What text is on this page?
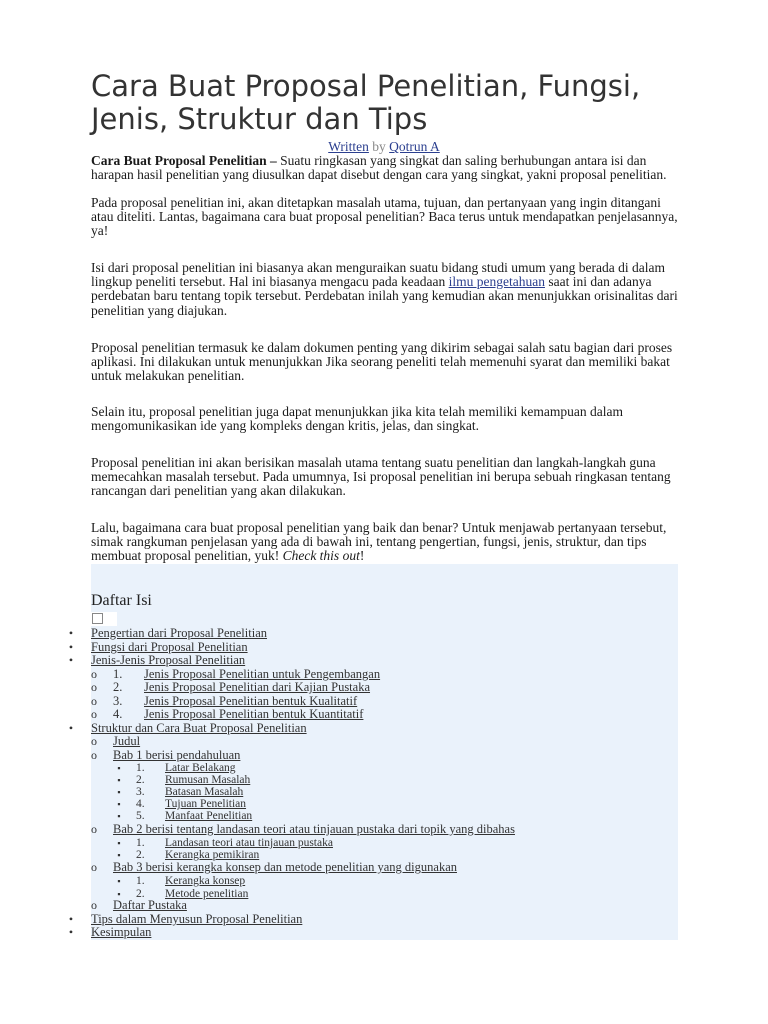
Cara Buat Proposal Penelitian, Fungsi, Jenis, Struktur dan Tips
Written by Qotrun A
Cara Buat Proposal Penelitian – Suatu ringkasan yang singkat dan saling berhubungan antara isi dan harapan hasil penelitian yang diusulkan dapat disebut dengan cara yang singkat, yakni proposal penelitian.
Pada proposal penelitian ini, akan ditetapkan masalah utama, tujuan, dan pertanyaan yang ingin ditangani atau diteliti. Lantas, bagaimana cara buat proposal penelitian? Baca terus untuk mendapatkan penjelasannya, ya!
Isi dari proposal penelitian ini biasanya akan menguraikan suatu bidang studi umum yang berada di dalam lingkup peneliti tersebut. Hal ini biasanya mengacu pada keadaan ilmu pengetahuan saat ini dan adanya perdebatan baru tentang topik tersebut. Perdebatan inilah yang kemudian akan menunjukkan orisinalitas dari penelitian yang diajukan.
Proposal penelitian termasuk ke dalam dokumen penting yang dikirim sebagai salah satu bagian dari proses aplikasi. Ini dilakukan untuk menunjukkan Jika seorang peneliti telah memenuhi syarat dan memiliki bakat untuk melakukan penelitian.
Selain itu, proposal penelitian juga dapat menunjukkan jika kita telah memiliki kemampuan dalam mengomunikasikan ide yang kompleks dengan kritis, jelas, dan singkat.
Proposal penelitian ini akan berisikan masalah utama tentang suatu penelitian dan langkah-langkah guna memecahkan masalah tersebut. Pada umumnya, Isi proposal penelitian ini berupa sebuah ringkasan tentang rancangan dari penelitian yang akan dilakukan.
Lalu, bagaimana cara buat proposal penelitian yang baik dan benar? Untuk menjawab pertanyaan tersebut, simak rangkuman penjelasan yang ada di bawah ini, tentang pengertian, fungsi, jenis, struktur, dan tips membuat proposal penelitian, yuk! Check this out!
Daftar Isi
•	Pengertian dari Proposal Penelitian
•	Fungsi dari Proposal Penelitian
•	Jenis-Jenis Proposal Penelitian
o	1. Jenis Proposal Penelitian untuk Pengembangan
o	2. Jenis Proposal Penelitian dari Kajian Pustaka
o	3. Jenis Proposal Penelitian bentuk Kualitatif
o	4. Jenis Proposal Penelitian bentuk Kuantitatif
•	Struktur dan Cara Buat Proposal Penelitian
o	Judul
o	Bab 1 berisi pendahuluan
▪	1. Latar Belakang
▪	2. Rumusan Masalah
▪	3. Batasan Masalah
▪	4. Tujuan Penelitian
▪	5. Manfaat Penelitian
o	Bab 2 berisi tentang landasan teori atau tinjauan pustaka dari topik yang dibahas
▪	1. Landasan teori atau tinjauan pustaka
▪	2. Kerangka pemikiran
o	Bab 3 berisi kerangka konsep dan metode penelitian yang digunakan
▪	1. Kerangka konsep
▪	2. Metode penelitian
o	Daftar Pustaka
•	Tips dalam Menyusun Proposal Penelitian
•	Kesimpulan
